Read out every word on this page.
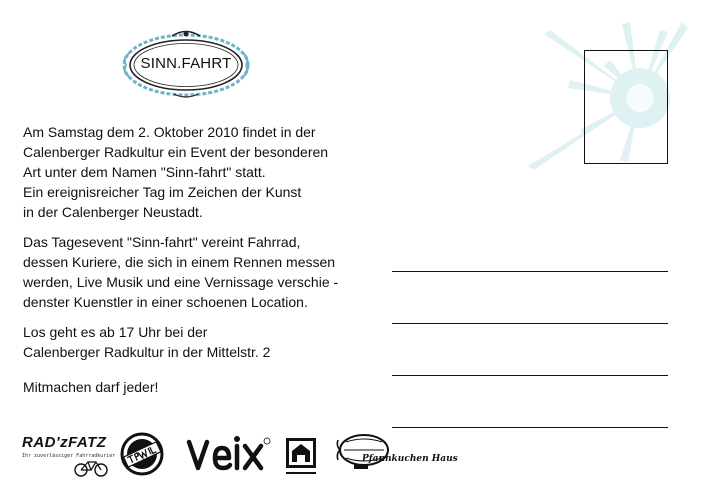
SINN.FAHRT

Am Samstag dem 2. Oktober 2010 findet in der
Calenberger Radkultur ein Event der besonderen
Art unter dem Namen "Sinn-fahrt" statt.
Ein ereignisreicher Tag im Zeichen der Kunst
in der Calenberger Neustadt.

Das Tagesevent "Sinn-fahrt" vereint Fahrrad,
dessen Kuriere, die sich in einem Rennen messen
werden, Live Musik und eine Vernissage verschie -
denster Kuenstler in einer schoenen Location.

Los geht es ab 17 Uhr bei der
Calenberger Radkultur in der Mittelstr. 2

Mitmachen darf jeder!
RAD'zFATZ
Ihr zuverlässiger Fahrradkurier	Pfannkuchen Haus
